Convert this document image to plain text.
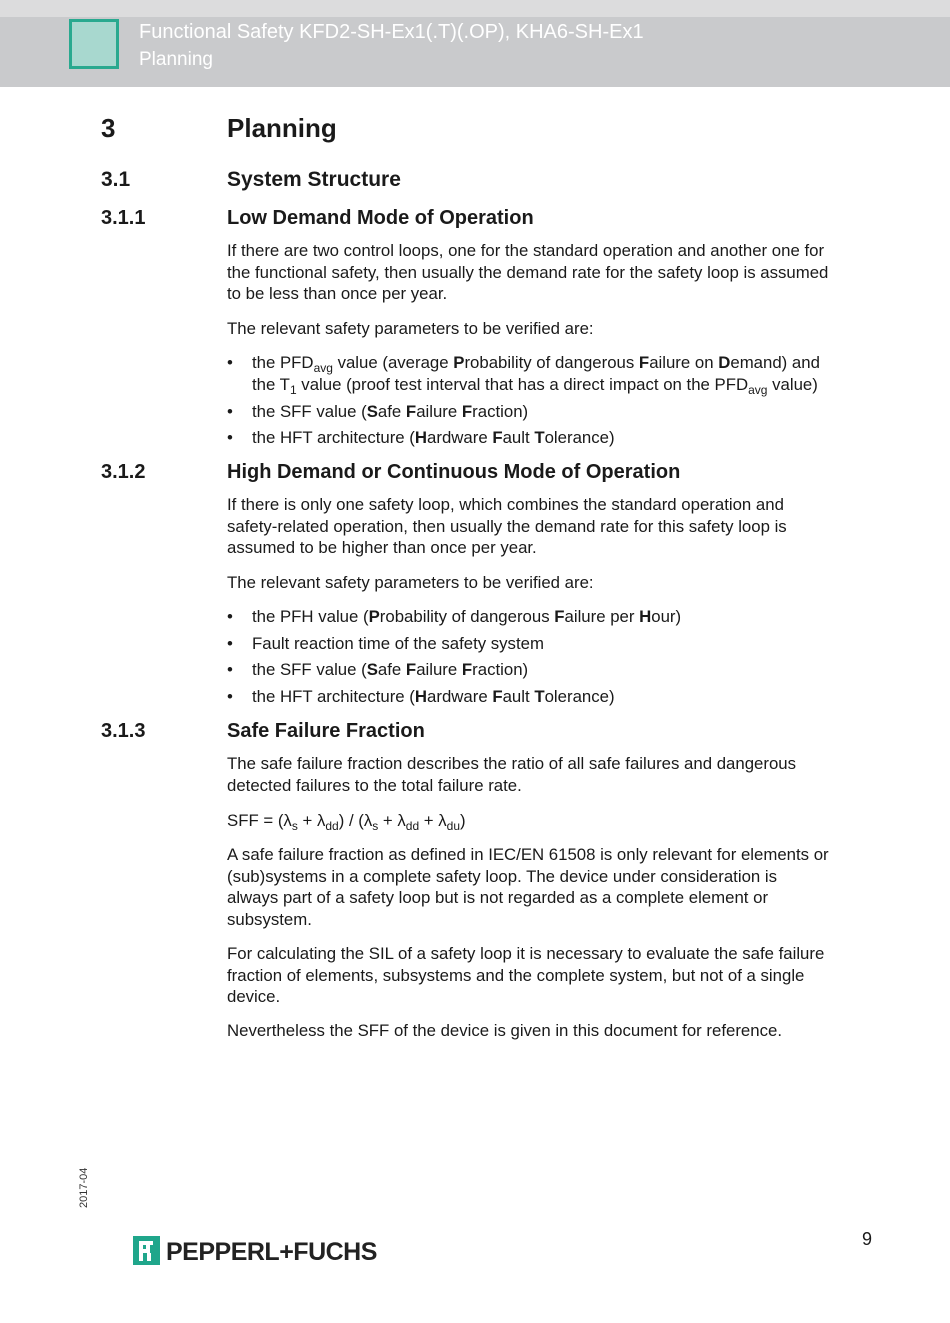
Functional Safety KFD2-SH-Ex1(.T)(.OP), KHA6-SH-Ex1
Planning
3	Planning
3.1	System Structure
3.1.1	Low Demand Mode of Operation
If there are two control loops, one for the standard operation and another one for
the functional safety, then usually the demand rate for the safety loop is assumed
to be less than once per year.
The relevant safety parameters to be verified are:
• the $PFD_{avg}$ value (average Probability of dangerous Failure on Demand) and
the $T_1$ value (proof test interval that has a direct impact on the $PFD_{avg}$ value)
• the SFF value (Safe Failure Fraction)
• the HFT architecture (Hardware Fault Tolerance)
3.1.2	High Demand or Continuous Mode of Operation
If there is only one safety loop, which combines the standard operation and
safety-related operation, then usually the demand rate for this safety loop is
assumed to be higher than once per year.
The relevant safety parameters to be verified are:
• the PFH value (Probability of dangerous Failure per Hour)
• Fault reaction time of the safety system
• the SFF value (Safe Failure Fraction)
• the HFT architecture (Hardware Fault Tolerance)
3.1.3	Safe Failure Fraction
The safe failure fraction describes the ratio of all safe failures and dangerous
detected failures to the total failure rate.
SFF = $(\lambda_s + \lambda_{dd}) / (\lambda_s + \lambda_{dd} + \lambda_{du})$
A safe failure fraction as defined in IEC/EN 61508 is only relevant for elements or
(sub)systems in a complete safety loop. The device under consideration is
always part of a safety loop but is not regarded as a complete element or
subsystem.
For calculating the SIL of a safety loop it is necessary to evaluate the safe failure
fraction of elements, subsystems and the complete system, but not of a single
device.
Nevertheless the SFF of the device is given in this document for reference.
2017-04
PEPPERL+FUCHS	9
